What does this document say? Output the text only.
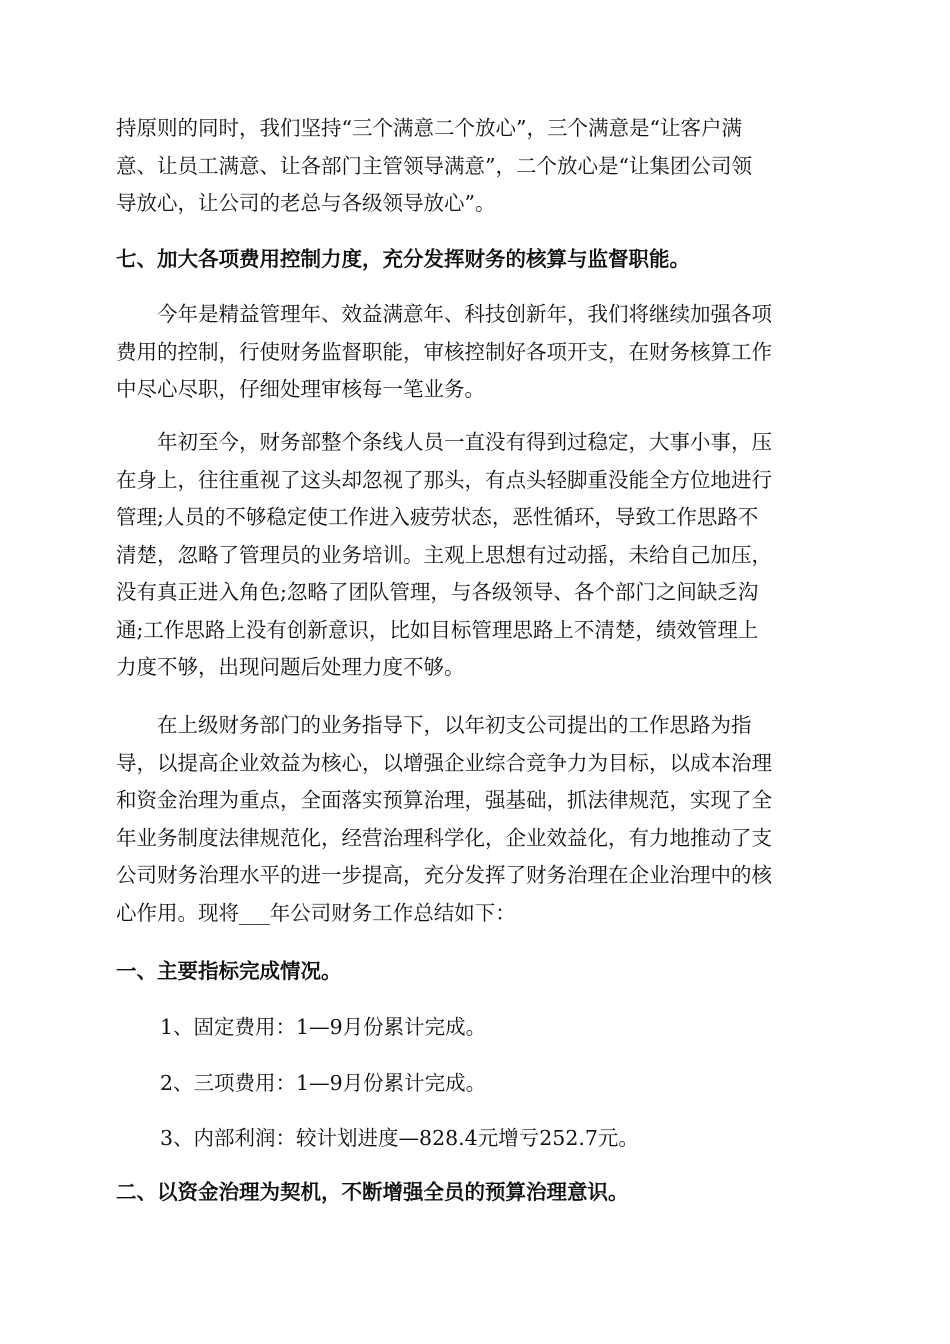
持原则的同时，我们坚持“三个满意二个放心”，三个满意是“让客户满
意、让员工满意、让各部门主管领导满意”，二个放心是“让集团公司领
导放心，让公司的老总与各级领导放心”。
七、加大各项费用控制力度，充分发挥财务的核算与监督职能。
今年是精益管理年、效益满意年、科技创新年，我们将继续加强各项
费用的控制，行使财务监督职能，审核控制好各项开支，在财务核算工作
中尽心尽职，仔细处理审核每一笔业务。
年初至今，财务部整个条线人员一直没有得到过稳定，大事小事，压
在身上，往往重视了这头却忽视了那头，有点头轻脚重没能全方位地进行
管理;人员的不够稳定使工作进入疲劳状态，恶性循环，导致工作思路不
清楚，忽略了管理员的业务培训。主观上思想有过动摇，未给自己加压，
没有真正进入角色;忽略了团队管理，与各级领导、各个部门之间缺乏沟
通;工作思路上没有创新意识，比如目标管理思路上不清楚，绩效管理上
力度不够，出现问题后处理力度不够。
在上级财务部门的业务指导下，以年初支公司提出的工作思路为指
导，以提高企业效益为核心，以增强企业综合竞争力为目标，以成本治理
和资金治理为重点，全面落实预算治理，强基础，抓法律规范，实现了全
年业务制度法律规范化，经营治理科学化，企业效益化，有力地推动了支
公司财务治理水平的进一步提高，充分发挥了财务治理在企业治理中的核
心作用。现将___年公司财务工作总结如下：
一、主要指标完成情况。
1、固定费用：1—9月份累计完成。
2、三项费用：1—9月份累计完成。
3、内部利润：较计划进度—828.4元增亏252.7元。
二、以资金治理为契机，不断增强全员的预算治理意识。
